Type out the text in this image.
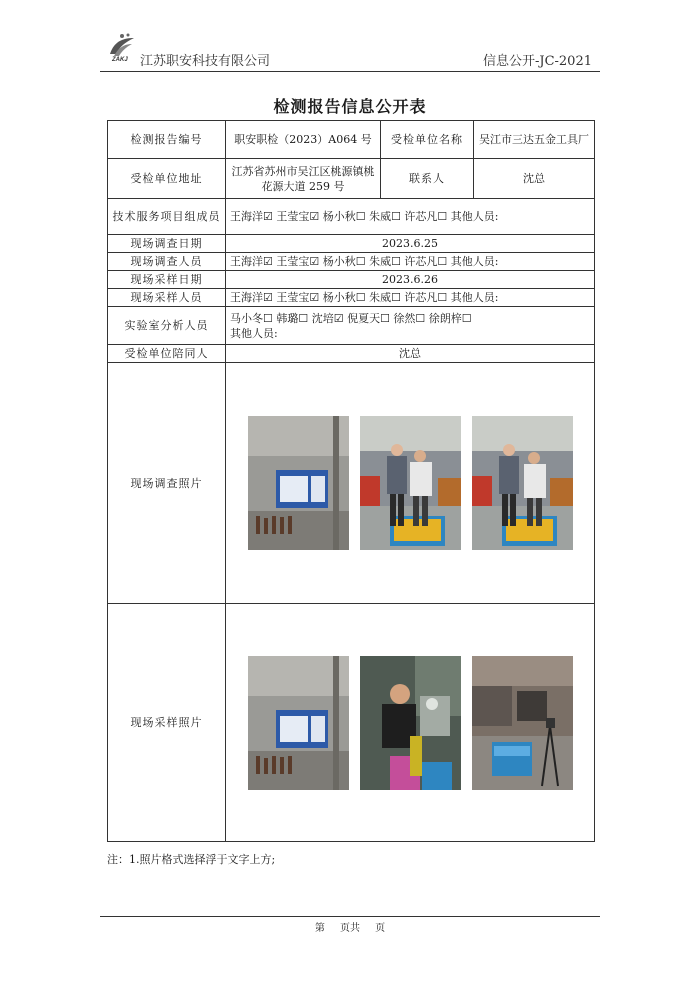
ZAKJ 江苏职安科技有限公司	信息公开-JC-2021
检测报告信息公开表
检测报告编号	职安职检（2023）A064 号	受检单位名称	吴江市三达五金工具厂
受检单位地址	江苏省苏州市吴江区桃源镇桃花源大道 259 号	联系人	沈总
技术服务项目组成员	王海洋☑ 王莹宝☑ 杨小秋☐ 朱威☐ 许芯凡☐ 其他人员:		
现场调查日期	2023.6.25		
现场调查人员	王海洋☑ 王莹宝☑ 杨小秋☐ 朱威☐ 许芯凡☐ 其他人员:		
现场采样日期	2023.6.26		
现场采样人员	王海洋☑ 王莹宝☑ 杨小秋☐ 朱威☐ 许芯凡☐ 其他人员:		
实验室分析人员	马小冬☐ 韩璐☐ 沈培☑ 倪夏天☐ 徐然☐ 徐朗梓☐
其他人员:		

受检单位陪同人	沈总		
现场调查照片	

现场采样照片	
注：1.照片格式选择浮于文字上方;
第 页共 页
